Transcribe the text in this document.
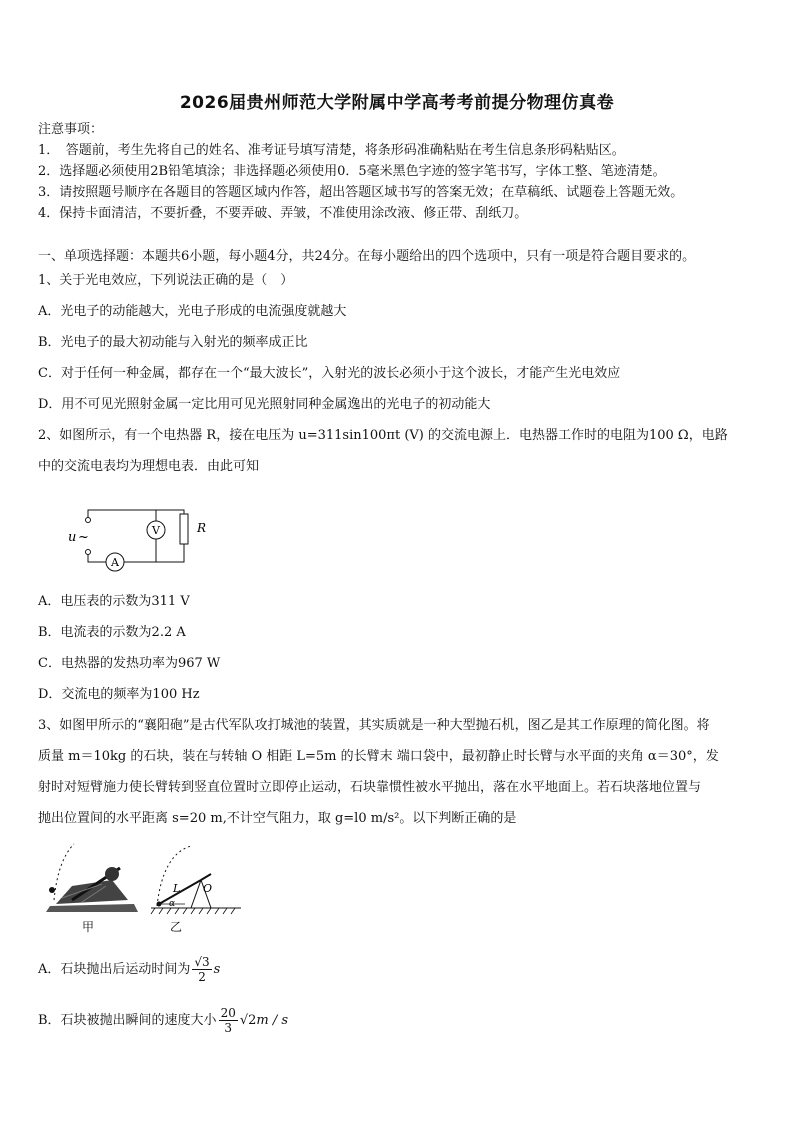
2026届贵州师范大学附属中学高考考前提分物理仿真卷
注意事项：
1．　答题前，考生先将自己的姓名、准考证号填写清楚，将条形码准确粘贴在考生信息条形码粘贴区。
2．选择题必须使用2B铅笔填涂；非选择题必须使用0．5毫米黑色字迹的签字笔书写，字体工整、笔迹清楚。
3．请按照题号顺序在各题目的答题区域内作答，超出答题区域书写的答案无效；在草稿纸、试题卷上答题无效。
4．保持卡面清洁，不要折叠，不要弄破、弄皱，不准使用涂改液、修正带、刮纸刀。
一、单项选择题：本题共6小题，每小题4分，共24分。在每小题给出的四个选项中，只有一项是符合题目要求的。
1、关于光电效应，下列说法正确的是（　）
A．光电子的动能越大，光电子形成的电流强度就越大
B．光电子的最大初动能与入射光的频率成正比
C．对于任何一种金属，都存在一个“最大波长”，入射光的波长必须小于这个波长，才能产生光电效应
D．用不可见光照射金属一定比用可见光照射同种金属逸出的光电子的初动能大
2、如图所示，有一个电热器 R，接在电压为 u=311sin100πt (V) 的交流电源上．电热器工作时的电阻为100 Ω，电路
中的交流电表均为理想电表．由此可知
u ~	V	R
A
A．电压表的示数为311 V
B．电流表的示数为2.2 A
C．电热器的发热功率为967 W
D．交流电的频率为100 Hz
3、如图甲所示的“襄阳砲”是古代军队攻打城池的装置，其实质就是一种大型抛石机，图乙是其工作原理的简化图。将
质量 m＝10kg 的石块，装在与转轴 O 相距 L=5m 的长臂末 端口袋中，最初静止时长臂与水平面的夹角 α＝30°，发
射时对短臂施力使长臂转到竖直位置时立即停止运动，石块靠惯性被水平抛出，落在水平地面上。若石块落地位置与
抛出位置间的水平距离 s=20 m,不计空气阻力，取 g=l0 m/s²。以下判断正确的是
甲
L O
α
乙
A．石块抛出后运动时间为 $\frac{√3}{2}$ s
B．石块被抛出瞬间的速度大小 $\frac{20}{3} √2m$ / s
